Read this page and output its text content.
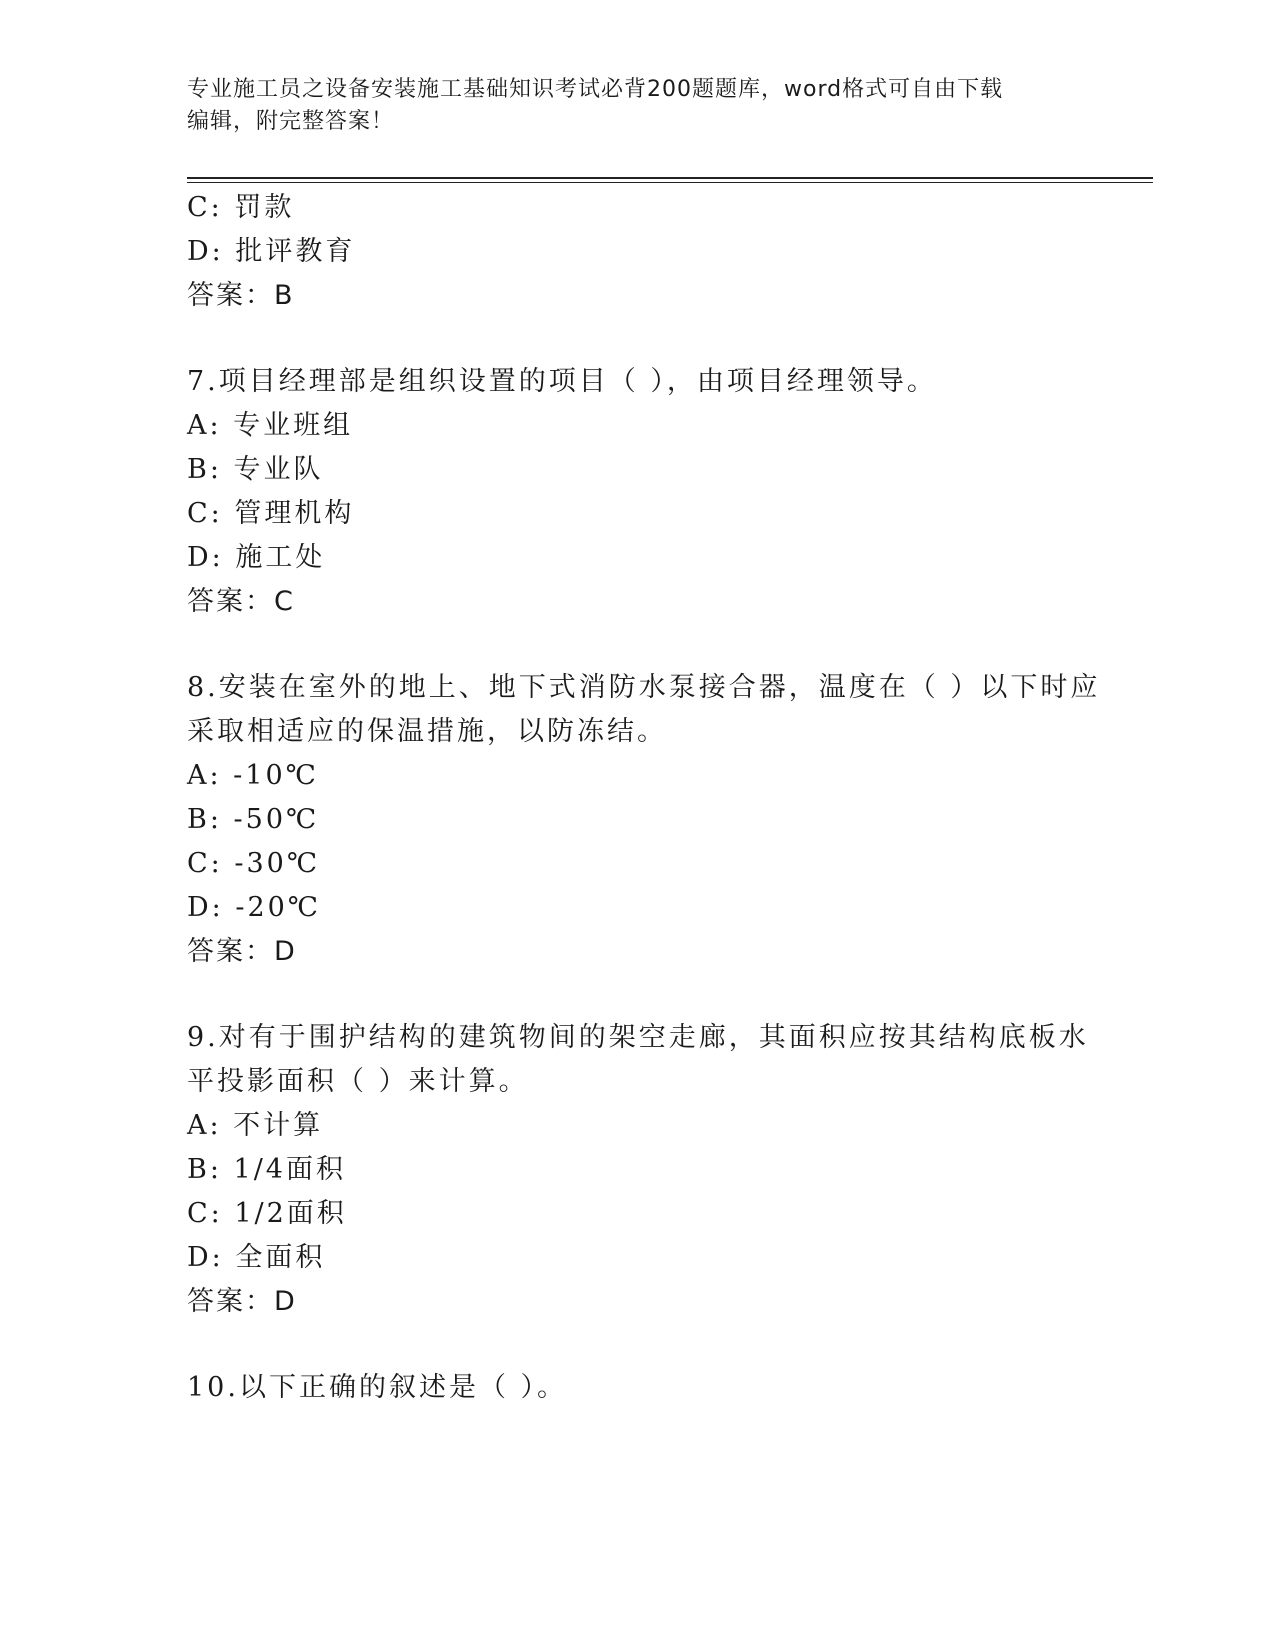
专业施工员之设备安装施工基础知识考试必背200题题库，word格式可自由下载
编辑，附完整答案！
C: 罚款
D: 批评教育
答案：B
7.项目经理部是组织设置的项目（ ），由项目经理领导。
A: 专业班组
B: 专业队
C: 管理机构
D: 施工处
答案：C
8.安装在室外的地上、地下式消防水泵接合器，温度在（ ）以下时应
采取相适应的保温措施，以防冻结。
A: -10℃
B: -50℃
C: -30℃
D: -20℃
答案：D
9.对有于围护结构的建筑物间的架空走廊，其面积应按其结构底板水
平投影面积（ ）来计算。
A: 不计算
B: 1/4面积
C: 1/2面积
D: 全面积
答案：D
10.以下正确的叙述是（ ）。
